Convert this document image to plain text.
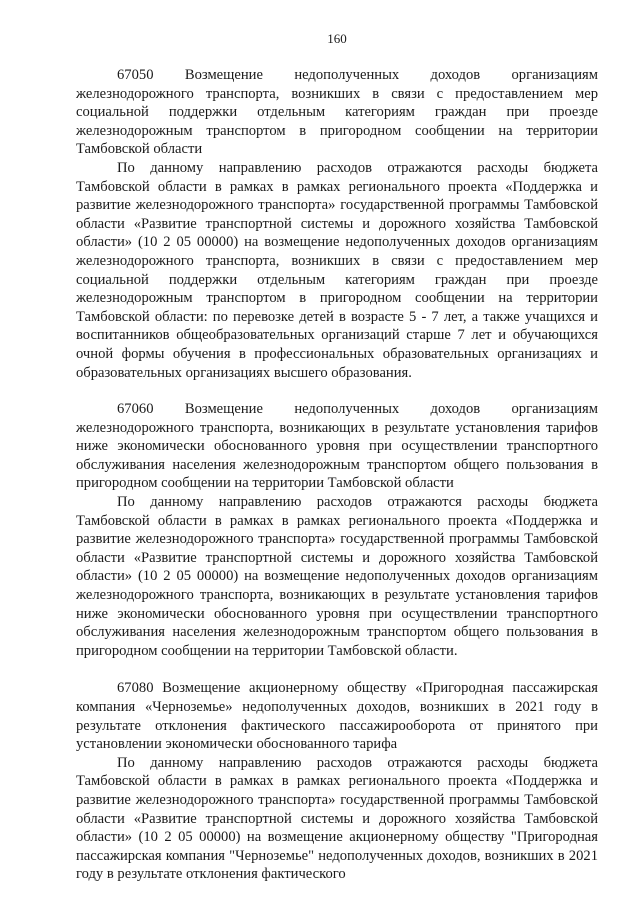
160

67050 Возмещение недополученных доходов организациям железнодорожного транспорта, возникших в связи с предоставлением мер социальной поддержки отдельным категориям граждан при проезде железнодорожным транспортом в пригородном сообщении на территории Тамбовской области

По данному направлению расходов отражаются расходы бюджета Тамбовской области в рамках в рамках регионального проекта «Поддержка и развитие железнодорожного транспорта» государственной программы Тамбовской области «Развитие транспортной системы и дорожного хозяйства Тамбовской области» (10 2 05 00000) на возмещение недополученных доходов организациям железнодорожного транспорта, возникших в связи с предоставлением мер социальной поддержки отдельным категориям граждан при проезде железнодорожным транспортом в пригородном сообщении на территории Тамбовской области: по перевозке детей в возрасте 5 - 7 лет, а также учащихся и воспитанников общеобразовательных организаций старше 7 лет и обучающихся очной формы обучения в профессиональных образовательных организациях и образовательных организациях высшего образования.

67060 Возмещение недополученных доходов организациям железнодорожного транспорта, возникающих в результате установления тарифов ниже экономически обоснованного уровня при осуществлении транспортного обслуживания населения железнодорожным транспортом общего пользования в пригородном сообщении на территории Тамбовской области

По данному направлению расходов отражаются расходы бюджета Тамбовской области в рамках в рамках регионального проекта «Поддержка и развитие железнодорожного транспорта» государственной программы Тамбовской области «Развитие транспортной системы и дорожного хозяйства Тамбовской области» (10 2 05 00000) на возмещение недополученных доходов организациям железнодорожного транспорта, возникающих в результате установления тарифов ниже экономически обоснованного уровня при осуществлении транспортного обслуживания населения железнодорожным транспортом общего пользования в пригородном сообщении на территории Тамбовской области.

67080 Возмещение акционерному обществу «Пригородная пассажирская компания «Черноземье» недополученных доходов, возникших в 2021 году в результате отклонения фактического пассажирооборота от принятого при установлении экономически обоснованного тарифа

По данному направлению расходов отражаются расходы бюджета Тамбовской области в рамках в рамках регионального проекта «Поддержка и развитие железнодорожного транспорта» государственной программы Тамбовской области «Развитие транспортной системы и дорожного хозяйства Тамбовской области» (10 2 05 00000) на возмещение акционерному обществу "Пригородная пассажирская компания "Черноземье" недополученных доходов, возникших в 2021 году в результате отклонения фактического
